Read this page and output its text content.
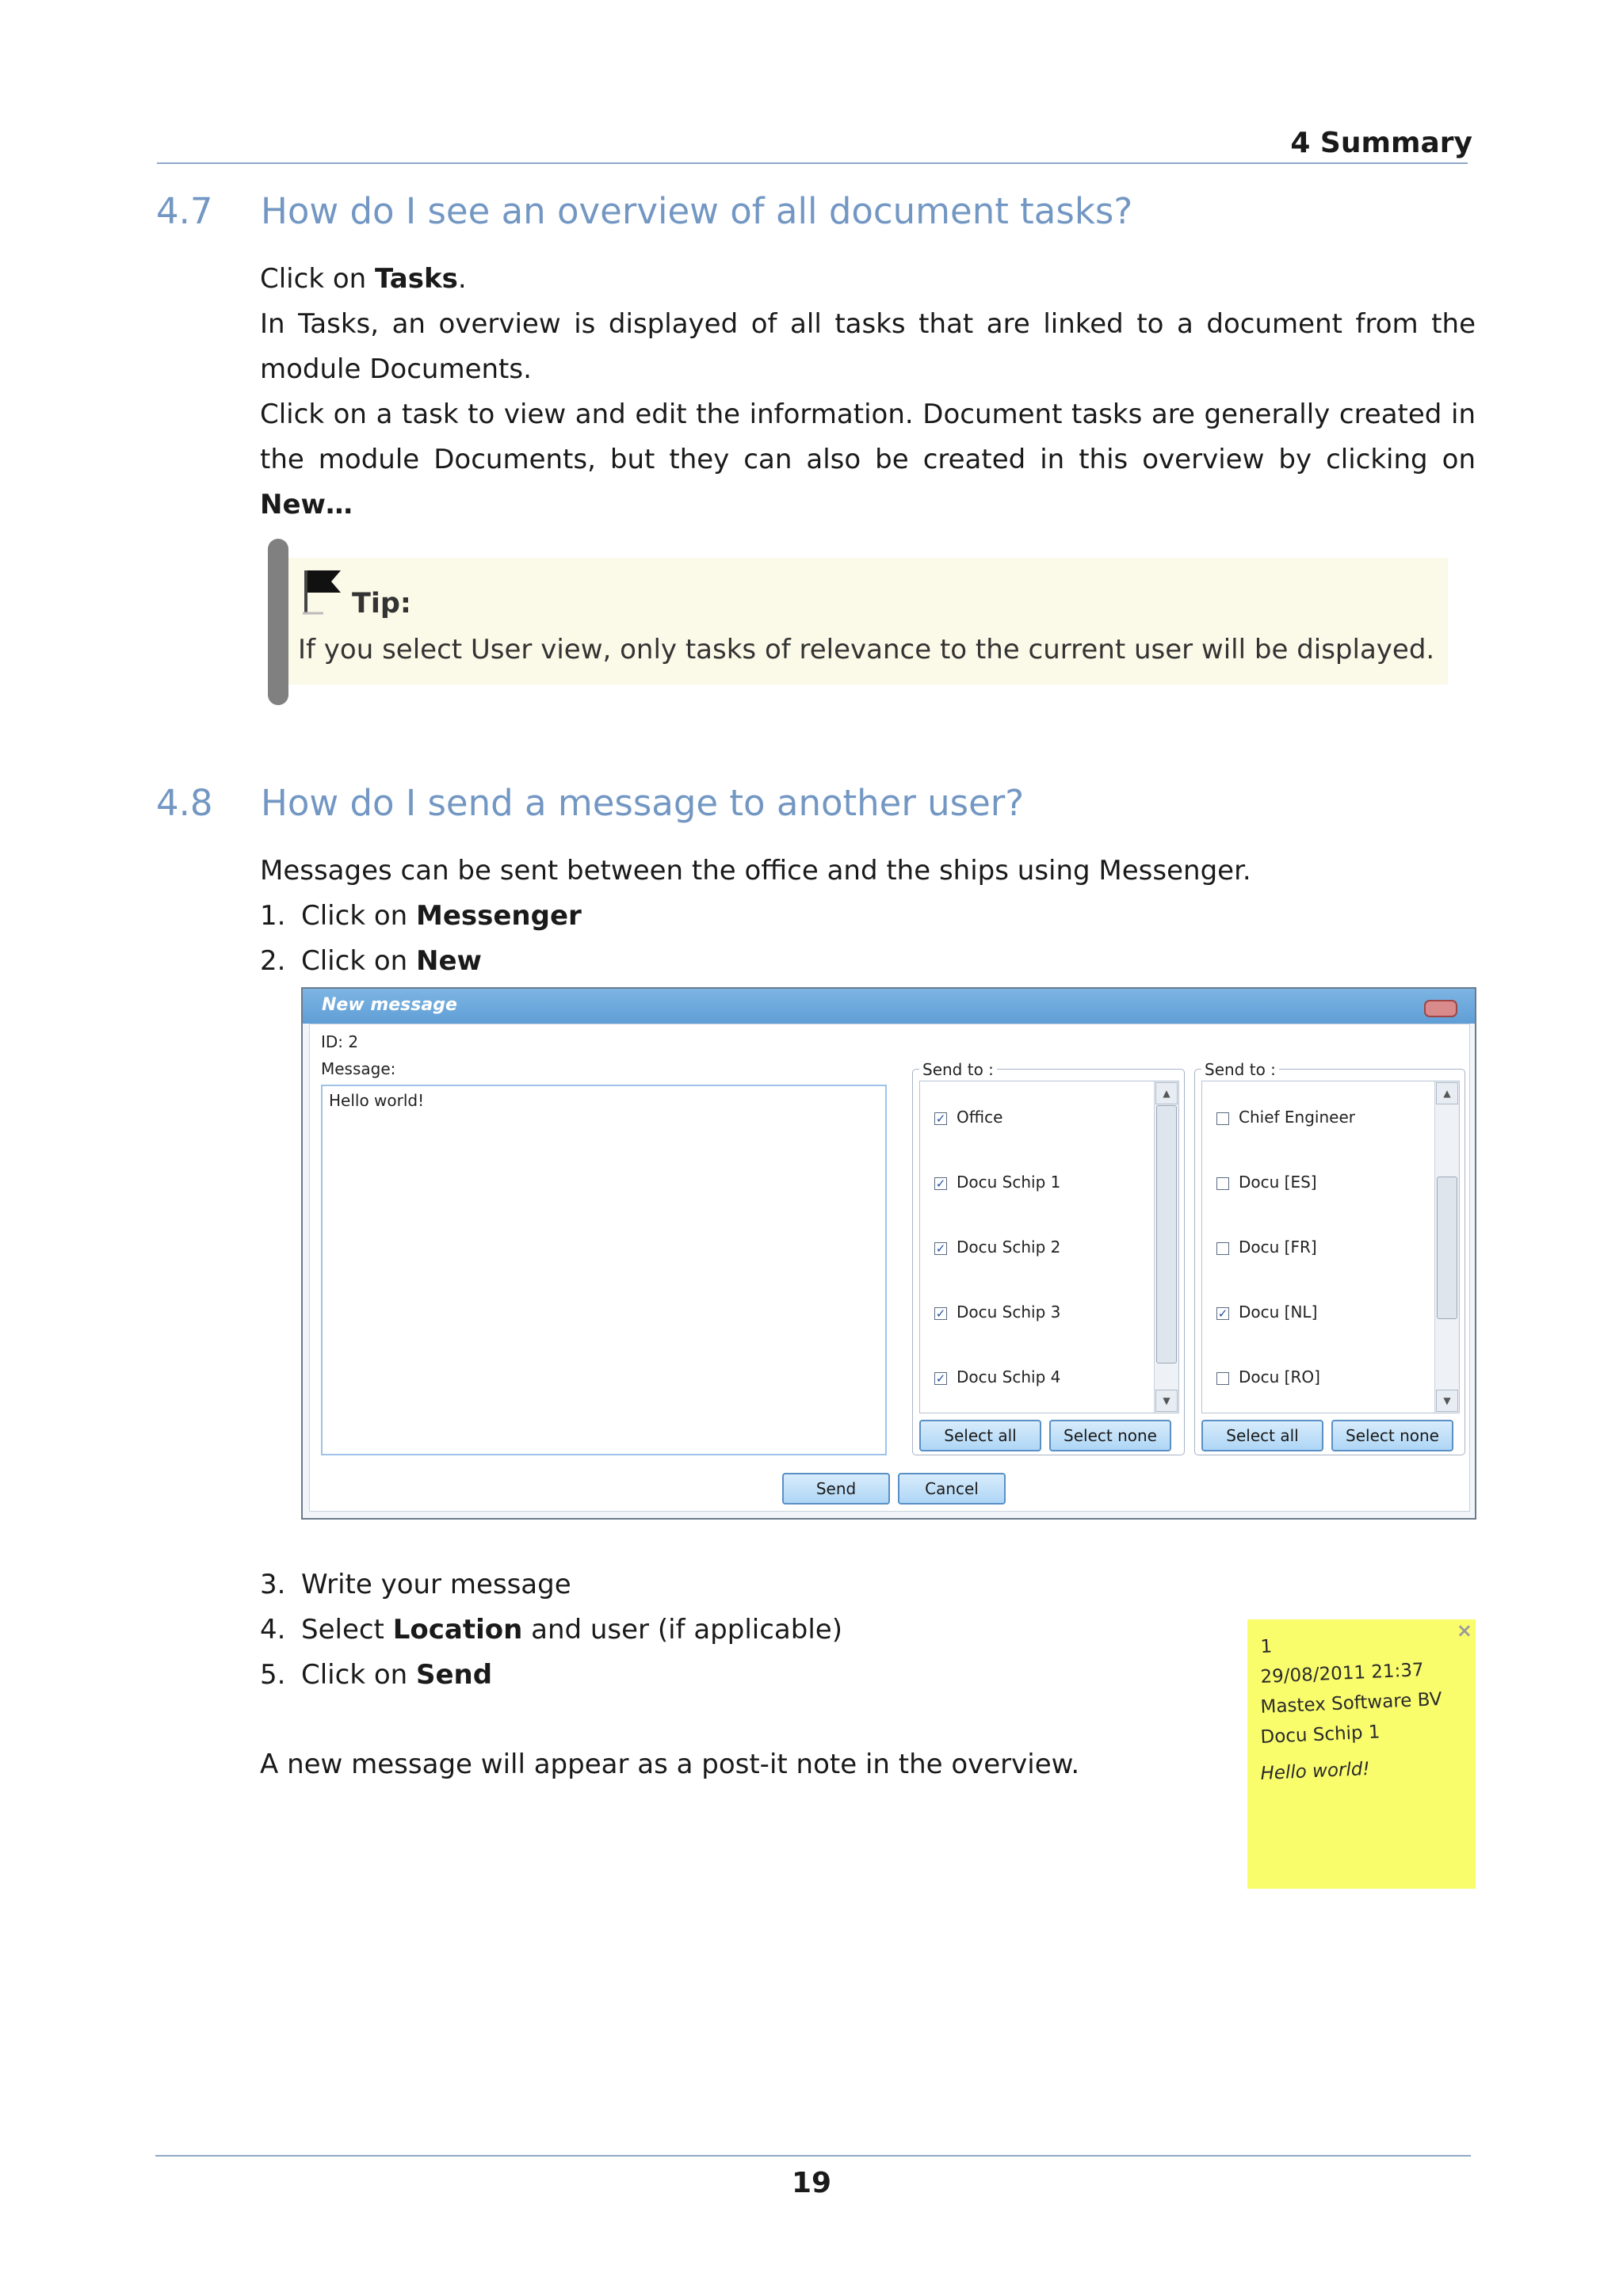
4 Summary
4.7 How do I see an overview of all document tasks?
Click on Tasks.
In Tasks, an overview is displayed of all tasks that are linked to a document from the module Documents.
Click on a task to view and edit the information. Document tasks are generally created in the module Documents, but they can also be created in this overview by clicking on New…
Tip:
If you select User view, only tasks of relevance to the current user will be displayed.
4.8 How do I send a message to another user?
Messages can be sent between the office and the ships using Messenger.
1. Click on Messenger
2. Click on New
New message
ID: 2
Message:
Hello world!
Send to :
✓ Office
✓ Docu Schip 1
✓ Docu Schip 2
✓ Docu Schip 3
✓ Docu Schip 4
▲
▼
Select all	Select none
Send to :
Chief Engineer
Docu [ES]
Docu [FR]
✓ Docu [NL]
Docu [RO]
▲
▼
Select all	Select none
Send	Cancel
3. Write your message
4. Select Location and user (if applicable)
5. Click on Send
A new message will appear as a post-it note in the overview.
×
1
29/08/2011 21:37
Mastex Software BV
Docu Schip 1
Hello world!
19
